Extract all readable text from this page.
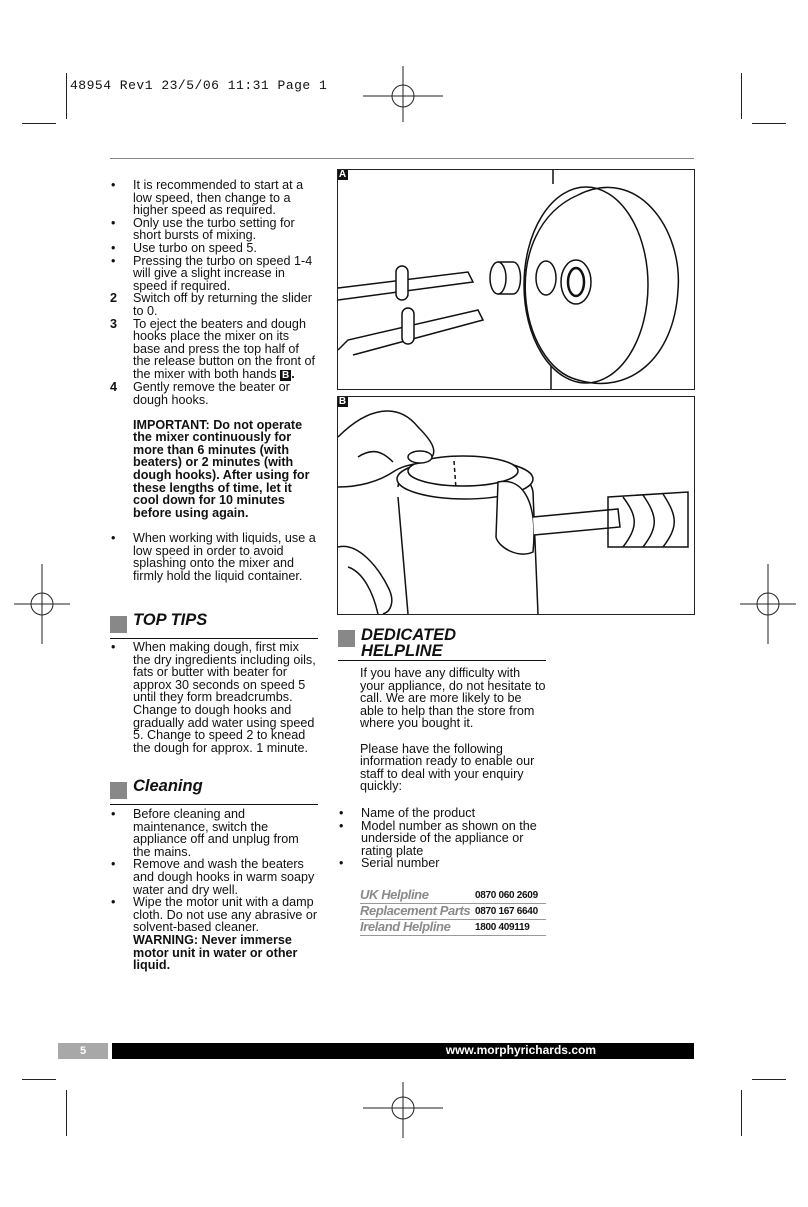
48954 Rev1 23/5/06 11:31 Page 1
• It is recommended to start at a low speed, then change to a higher speed as required.
• Only use the turbo setting for short bursts of mixing.
• Use turbo on speed 5.
• Pressing the turbo on speed 1-4 will give a slight increase in speed if required.
2 Switch off by returning the slider to 0.
3 To eject the beaters and dough hooks place the mixer on its base and press the top half of the release button on the front of the mixer with both hands B .
4 Gently remove the beater or dough hooks.
IMPORTANT: Do not operate the mixer continuously for more than 6 minutes (with beaters) or 2 minutes (with dough hooks). After using for these lengths of time, let it cool down for 10 minutes before using again.
• When working with liquids, use a low speed in order to avoid splashing onto the mixer and firmly hold the liquid container.
TOP TIPS
• When making dough, first mix the dry ingredients including oils, fats or butter with beater for approx 30 seconds on speed 5 until they form breadcrumbs. Change to dough hooks and gradually add water using speed 5. Change to speed 2 to knead the dough for approx. 1 minute.
Cleaning
• Before cleaning and maintenance, switch the appliance off and unplug from the mains.
• Remove and wash the beaters and dough hooks in warm soapy water and dry well.
• Wipe the motor unit with a damp cloth. Do not use any abrasive or solvent-based cleaner.
WARNING: Never immerse motor unit in water or other liquid.
A
B
DEDICATED
HELPLINE
If you have any difficulty with your appliance, do not hesitate to call. We are more likely to be able to help than the store from where you bought it.
Please have the following information ready to enable our staff to deal with your enquiry quickly:
• Name of the product
• Model number as shown on the underside of the appliance or rating plate
• Serial number
UK Helpline	0870 060 2609
Replacement Parts 0870 167 6640
Ireland Helpline 1800 409119
5	www.morphyrichards.com
